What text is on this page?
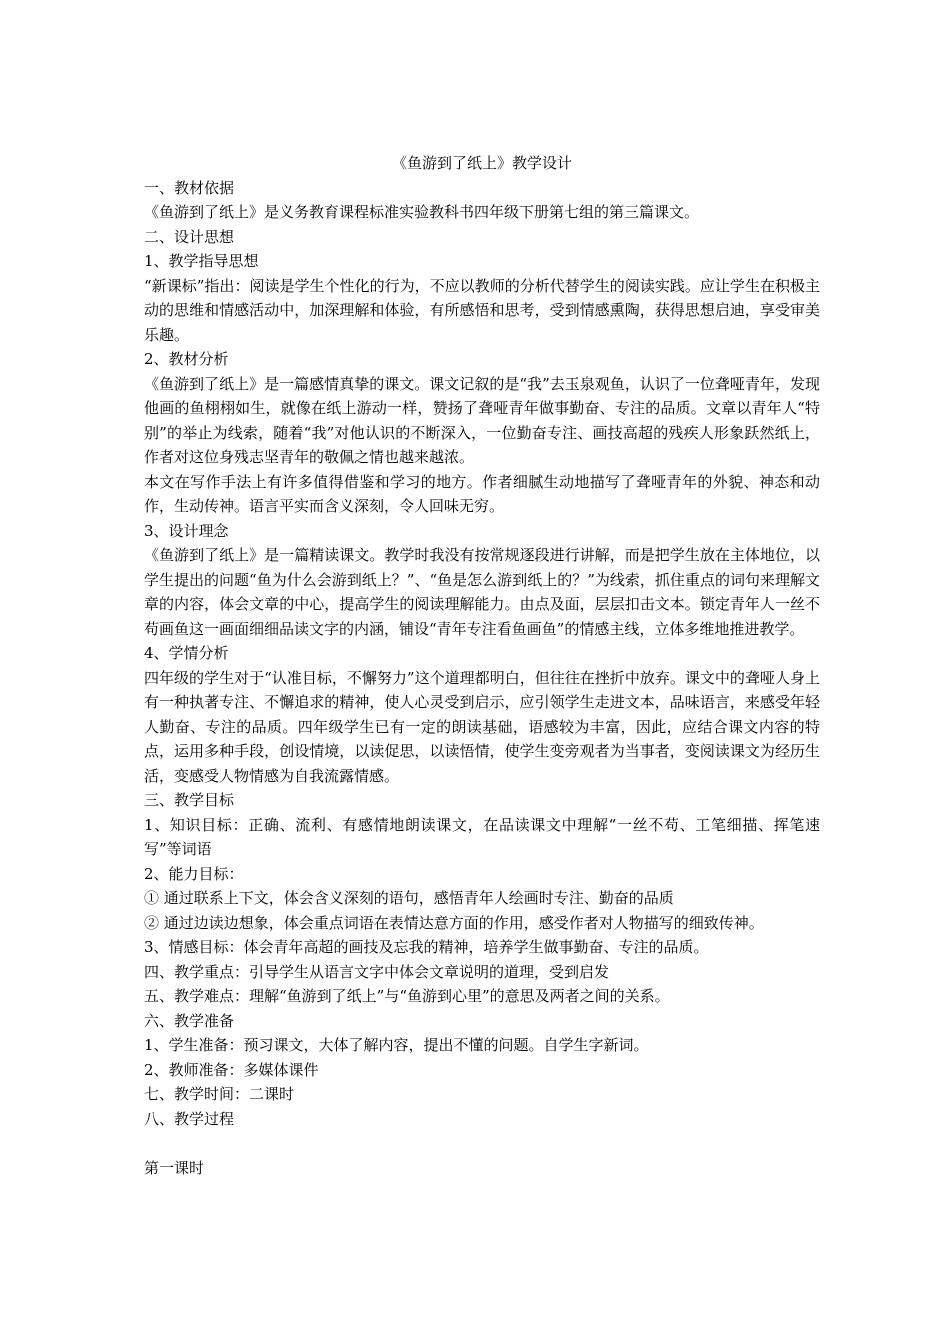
《鱼游到了纸上》教学设计
一、教材依据
《鱼游到了纸上》是义务教育课程标准实验教科书四年级下册第七组的第三篇课文。
二、设计思想
1、教学指导思想
“新课标”指出：阅读是学生个性化的行为，不应以教师的分析代替学生的阅读实践。应让学生在积极主动的思维和情感活动中，加深理解和体验，有所感悟和思考，受到情感熏陶，获得思想启迪，享受审美乐趣。
2、教材分析
《鱼游到了纸上》是一篇感情真挚的课文。课文记叙的是“我”去玉泉观鱼，认识了一位聋哑青年，发现他画的鱼栩栩如生，就像在纸上游动一样，赞扬了聋哑青年做事勤奋、专注的品质。文章以青年人“特别”的举止为线索，随着“我”对他认识的不断深入，一位勤奋专注、画技高超的残疾人形象跃然纸上，作者对这位身残志坚青年的敬佩之情也越来越浓。
本文在写作手法上有许多值得借鉴和学习的地方。作者细腻生动地描写了聋哑青年的外貌、神态和动作，生动传神。语言平实而含义深刻，令人回味无穷。
3、设计理念
《鱼游到了纸上》是一篇精读课文。教学时我没有按常规逐段进行讲解，而是把学生放在主体地位，以学生提出的问题“鱼为什么会游到纸上？”、“鱼是怎么游到纸上的？”为线索，抓住重点的词句来理解文章的内容，体会文章的中心，提高学生的阅读理解能力。由点及面，层层扣击文本。锁定青年人一丝不苟画鱼这一画面细细品读文字的内涵，铺设“青年专注看鱼画鱼”的情感主线，立体多维地推进教学。
4、学情分析
四年级的学生对于“认准目标，不懈努力”这个道理都明白，但往往在挫折中放弃。课文中的聋哑人身上有一种执著专注、不懈追求的精神，使人心灵受到启示，应引领学生走进文本，品味语言，来感受年轻人勤奋、专注的品质。四年级学生已有一定的朗读基础，语感较为丰富，因此，应结合课文内容的特点，运用多种手段，创设情境，以读促思，以读悟情，使学生变旁观者为当事者，变阅读课文为经历生活，变感受人物情感为自我流露情感。
三、教学目标
1、知识目标：正确、流利、有感情地朗读课文，在品读课文中理解“一丝不苟、工笔细描、挥笔速写”等词语
2、能力目标：
① 通过联系上下文，体会含义深刻的语句，感悟青年人绘画时专注、勤奋的品质
② 通过边读边想象，体会重点词语在表情达意方面的作用，感受作者对人物描写的细致传神。
3、情感目标：体会青年高超的画技及忘我的精神，培养学生做事勤奋、专注的品质。
四、教学重点：引导学生从语言文字中体会文章说明的道理，受到启发
五、教学难点：理解“鱼游到了纸上”与“鱼游到心里”的意思及两者之间的关系。
六、教学准备
1、学生准备：预习课文，大体了解内容，提出不懂的问题。自学生字新词。
2、教师准备：多媒体课件
七、教学时间：二课时
八、教学过程
第一课时
